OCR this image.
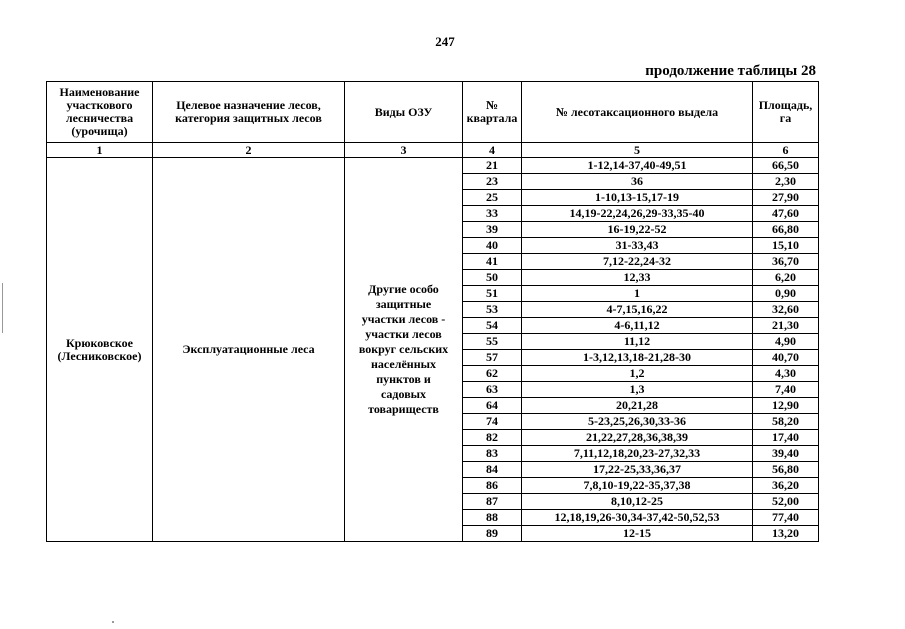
247
продолжение таблицы 28
Наименование участкового лесничества (урочища)	Целевое назначение лесов, категория защитных лесов	Виды ОЗУ	№ квартала	№ лесотаксационного выдела	Площадь, га
1	2	3	4	5	6
Крюковское (Лесниковское)	Эксплуатационные леса	Другие особо защитные участки лесов - участки лесов вокруг сельских населённых пунктов и садовых товариществ	21	1-12,14-37,40-49,51	66,50
			23	36	2,30
			25	1-10,13-15,17-19	27,90
			33	14,19-22,24,26,29-33,35-40	47,60
			39	16-19,22-52	66,80
			40	31-33,43	15,10
			41	7,12-22,24-32	36,70
			50	12,33	6,20
			51	1	0,90
			53	4-7,15,16,22	32,60
			54	4-6,11,12	21,30
			55	11,12	4,90
			57	1-3,12,13,18-21,28-30	40,70
			62	1,2	4,30
			63	1,3	7,40
			64	20,21,28	12,90
			74	5-23,25,26,30,33-36	58,20
			82	21,22,27,28,36,38,39	17,40
			83	7,11,12,18,20,23-27,32,33	39,40
			84	17,22-25,33,36,37	56,80
			86	7,8,10-19,22-35,37,38	36,20
			87	8,10,12-25	52,00
			88	12,18,19,26-30,34-37,42-50,52,53	77,40
			89	12-15	13,20
